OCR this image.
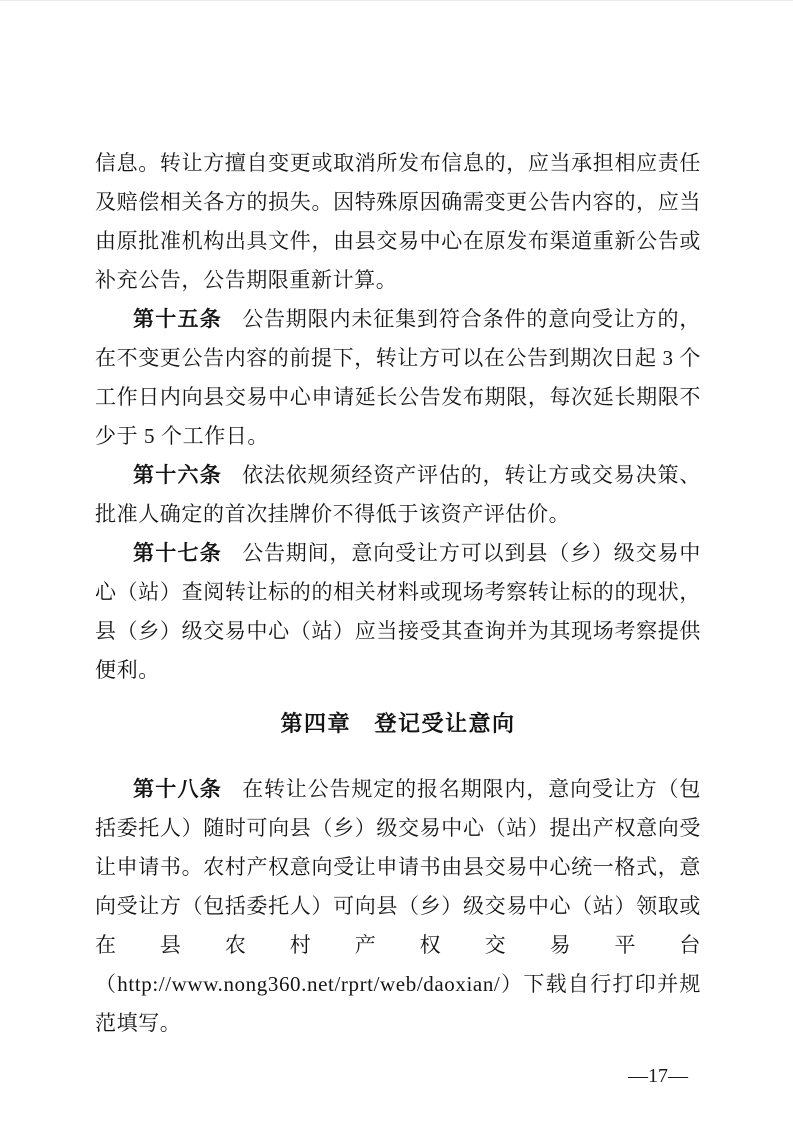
信息。转让方擅自变更或取消所发布信息的，应当承担相应责任及赔偿相关各方的损失。因特殊原因确需变更公告内容的，应当由原批准机构出具文件，由县交易中心在原发布渠道重新公告或补充公告，公告期限重新计算。

第十五条 公告期限内未征集到符合条件的意向受让方的，在不变更公告内容的前提下，转让方可以在公告到期次日起 3 个工作日内向县交易中心申请延长公告发布期限，每次延长期限不少于 5 个工作日。

第十六条 依法依规须经资产评估的，转让方或交易决策、批准人确定的首次挂牌价不得低于该资产评估价。

第十七条 公告期间，意向受让方可以到县（乡）级交易中心（站）查阅转让标的的相关材料或现场考察转让标的的现状，县（乡）级交易中心（站）应当接受其查询并为其现场考察提供便利。

第四章　登记受让意向

第十八条 在转让公告规定的报名期限内，意向受让方（包括委托人）随时可向县（乡）级交易中心（站）提出产权意向受让申请书。农村产权意向受让申请书由县交易中心统一格式，意向受让方（包括委托人）可向县（乡）级交易中心（站）领取或在县农村产权交易平台（http://www.nong360.net/rprt/web/daoxian/）下载自行打印并规范填写。

—17—
